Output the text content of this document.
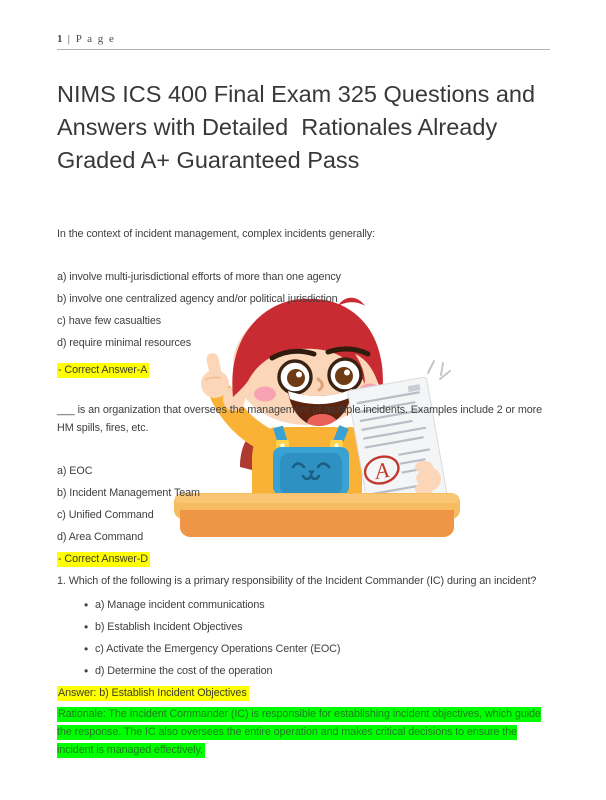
1 | P a g e
A
NIMS ICS 400 Final Exam 325 Questions and Answers with Detailed  Rationales Already Graded A+ Guaranteed Pass

In the context of incident management, complex incidents generally:

a) involve multi-jurisdictional efforts of more than one agency

b) involve one centralized agency and/or political jurisdiction

c) have few casualties

d) require minimal resources

- Correct Answer-A

___ is an organization that oversees the management of multiple incidents. Examples include 2 or more HM spills, fires, etc.

a) EOC

b) Incident Management Team

c) Unified Command

d) Area Command

- Correct Answer-D

1. Which of the following is a primary responsibility of the Incident Commander (IC) during an incident?

• a) Manage incident communications
• b) Establish Incident Objectives
• c) Activate the Emergency Operations Center (EOC)
• d) Determine the cost of the operation

Answer: b) Establish Incident Objectives

Rationale: The Incident Commander (IC) is responsible for establishing incident objectives, which guide the response. The IC also oversees the entire operation and makes critical decisions to ensure the incident is managed effectively.
